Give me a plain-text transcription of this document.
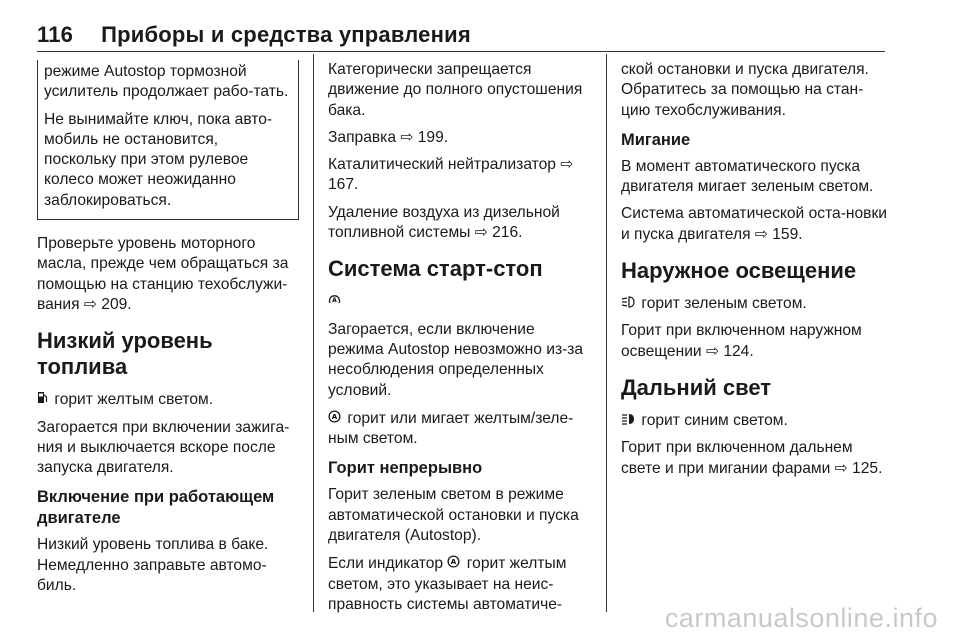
116 Приборы и средства управления

режиме Autostop тормозной усилитель продолжает рабо-тать.

Не вынимайте ключ, пока авто-мобиль не остановится, поскольку при этом рулевое колесо может неожиданно заблокироваться.

Проверьте уровень моторного масла, прежде чем обращаться за помощью на станцию техобслужи-вания ⇨ 209.

Низкий уровень топлива

горит желтым светом.

Загорается при включении зажига-ния и выключается вскоре после запуска двигателя.

Включение при работающем двигателе

Низкий уровень топлива в баке. Немедленно заправьте автомо-биль.

Категорически запрещается движение до полного опустошения бака.

Заправка ⇨ 199.

Каталитический нейтрализатор ⇨ 167.

Удаление воздуха из дизельной топливной системы ⇨ 216.

Система старт-стоп

A

Загорается, если включение режима Autostop невозможно из-за несоблюдения определенных условий.

A горит или мигает желтым/зеле-ным светом.

Горит непрерывно

Горит зеленым светом в режиме автоматической остановки и пуска двигателя (Autostop).

Если индикатор A горит желтым светом, это указывает на неис-правность системы автоматиче-

ской остановки и пуска двигателя. Обратитесь за помощью на стан-цию техобслуживания.

Мигание

В момент автоматического пуска двигателя мигает зеленым светом.

Система автоматической оста-новки и пуска двигателя ⇨ 159.

Наружное освещение

горит зеленым светом.

Горит при включенном наружном освещении ⇨ 124.

Дальний свет

горит синим светом.

Горит при включенном дальнем свете и при мигании фарами ⇨ 125.

carmanualsonline.info
